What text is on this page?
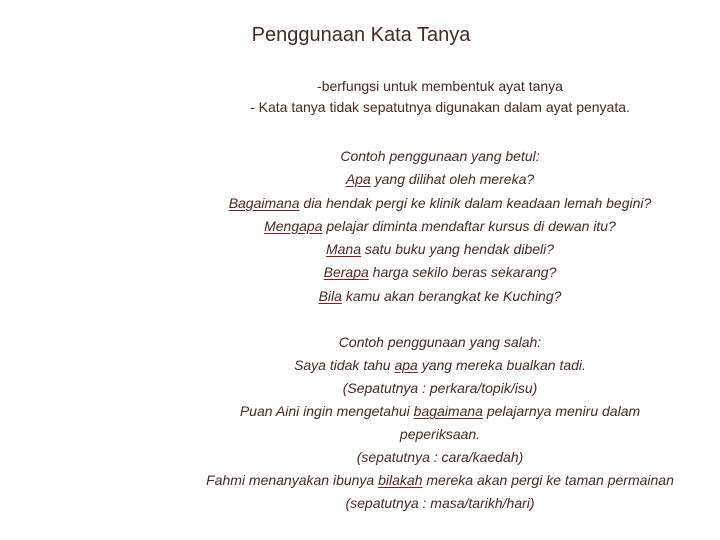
Penggunaan Kata Tanya
-berfungsi untuk membentuk ayat tanya
- Kata tanya tidak sepatutnya digunakan dalam ayat penyata.
Contoh penggunaan yang betul:
Apa yang dilihat oleh mereka?
Bagaimana dia hendak pergi ke klinik dalam keadaan lemah begini?
Mengapa pelajar diminta mendaftar kursus di dewan itu?
Mana satu buku yang hendak dibeli?
Berapa harga sekilo beras sekarang?
Bila kamu akan berangkat ke Kuching?
Contoh penggunaan yang salah:
Saya tidak tahu apa yang mereka bualkan tadi.
(Sepatutnya : perkara/topik/isu)
Puan Aini ingin mengetahui bagaimana pelajarnya meniru dalam
peperiksaan.
(sepatutnya : cara/kaedah)
Fahmi menanyakan ibunya bilakah mereka akan pergi ke taman permainan
(sepatutnya : masa/tarikh/hari)
